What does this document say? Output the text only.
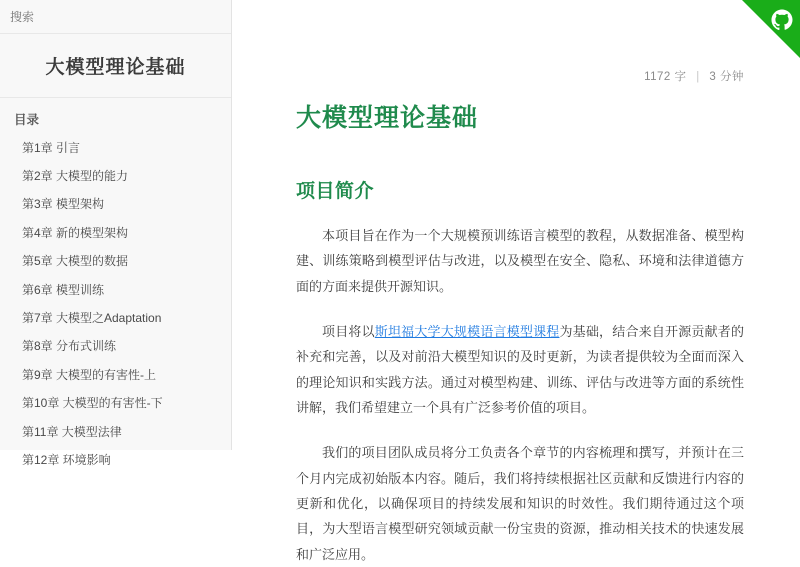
搜索
大模型理论基础
目录
第1章 引言
第2章 大模型的能力
第3章 模型架构
第4章 新的模型架构
第5章 大模型的数据
第6章 模型训练
第7章 大模型之Adaptation
第8章 分布式训练
第9章 大模型的有害性-上
第10章 大模型的有害性-下
第11章 大模型法律
第12章 环境影响
1172 字 | 3 分钟
大模型理论基础
项目简介

本项目旨在作为一个大规模预训练语言模型的教程，从数据准备、模型构建、训练策略到模型评估与改进，以及模型在安全、隐私、环境和法律道德方面的方面来提供开源知识。

项目将以斯坦福大学大规模语言模型课程为基础，结合来自开源贡献者的补充和完善，以及对前沿大模型知识的及时更新，为读者提供较为全面而深入的理论知识和实践方法。通过对模型构建、训练、评估与改进等方面的系统性讲解，我们希望建立一个具有广泛参考价值的项目。

我们的项目团队成员将分工负责各个章节的内容梳理和撰写，并预计在三个月内完成初始版本内容。随后，我们将持续根据社区贡献和反馈进行内容的更新和优化，以确保项目的持续发展和知识的时效性。我们期待通过这个项目，为大型语言模型研究领域贡献一份宝贵的资源，推动相关技术的快速发展和广泛应用。
